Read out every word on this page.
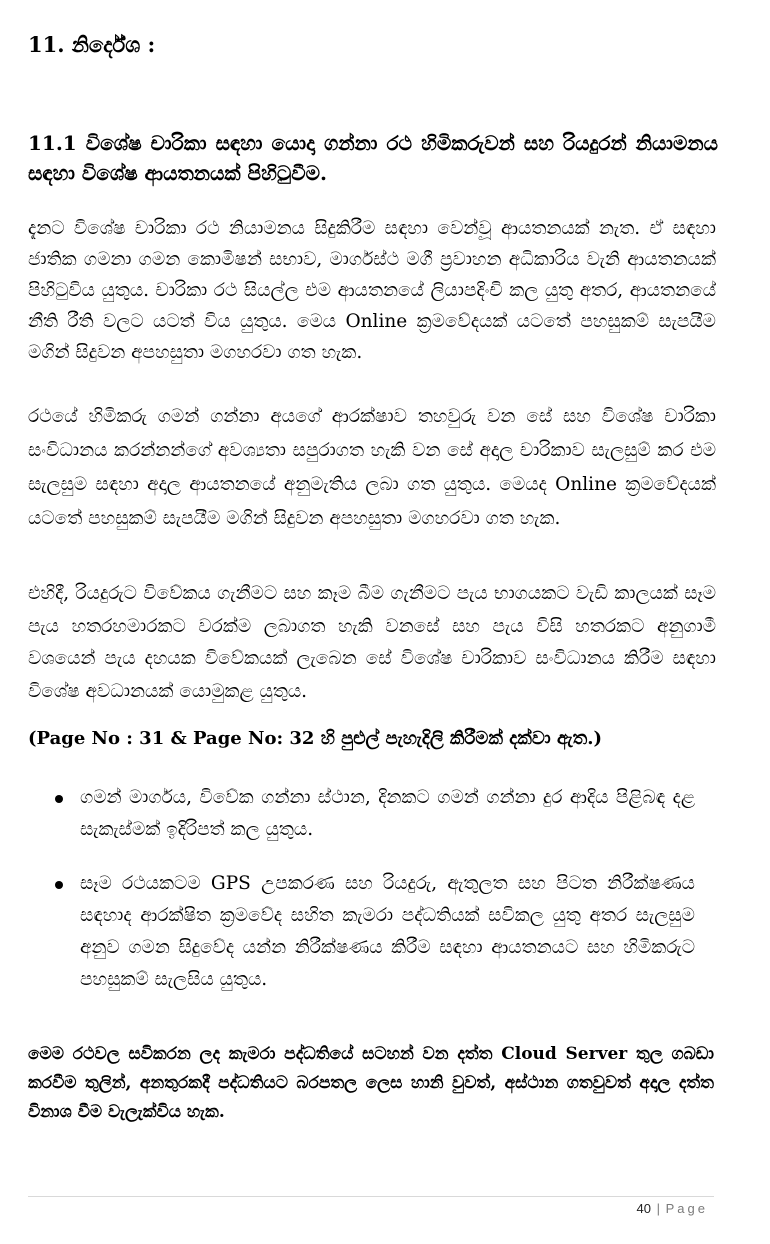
11. නිර්දේශ :
11.1 විශේෂ චාරිකා සඳහා යොදා ගන්නා රථ හිමිකරුවන් සහ රියදුරන් නියාමනය සඳහා විශේෂ ආයතනයක් පිහිටුවීම.

දැනට විශේෂ චාරිකා රථ නියාමනය සිදුකිරීම සඳහා වෙන්වූ ආයතනයක් නැත. ඒ සඳහා ජාතික ගමනා ගමන කොමිෂන් සභාව, මාර්ගස්ථ මගී ප්‍රවාහන අධිකාරිය වැනි ආයතනයක් පිහිටුවිය යුතුය. චාරිකා රථ සියල්ල එම ආයතනයේ ලියාපදිංචි කල යුතු අතර, ආයතනයේ නීති රීති වලට යටත් විය යුතුය. මෙය Online ක්‍රමවේදයක් යටතේ පහසුකම් සැපයීම මගින් සිදුවන අපහසුතා මගහරවා ගත හැක.

රථයේ හිමිකරු ගමන් ගන්නා අයගේ ආරක්ෂාව තහවුරු වන සේ සහ විශේෂ චාරිකා සංවිධානය කරන්නන්ගේ අවශ්‍යතා සපුරාගත හැකි වන සේ අදාල චාරිකාව සැලසුම් කර එම සැලසුම සඳහා අදාල ආයතනයේ අනුමැතිය ලබා ගත යුතුය. මෙයද Online ක්‍රමවේදයක් යටතේ පහසුකම් සැපයීම මගින් සිදුවන අපහසුතා මගහරවා ගත හැක.

එහිදී, රියදුරුට විවේකය ගැනීමට සහ කෑම බීම ගැනීමට පැය භාගයකට වැඩි කාලයක් සෑම පැය හතරහමාරකට වරක්ම ලබාගත හැකි වනසේ සහ පැය විසි හතරකට අනුගාමී වශයෙන් පැය දහයක විවේකයක් ලැබෙන සේ විශේෂ චාරිකාව සංවිධානය කිරීම සඳහා විශේෂ අවධානයක් යොමුකළ යුතුය.

(Page No : 31 & Page No: 32 හි පුළුල් පැහැදිලි කිරීමක් දක්වා ඇත.)

ගමන් මාර්ගය, විවේක ගන්නා ස්ථාන, දිනකට ගමන් ගන්නා දුර ආදිය පිළිබඳ දළ සැකැස්මක් ඉදිරිපත් කල යුතුය.
සෑම රථයකටම GPS උපකරණ සහ රියදුරු, ඇතුලත සහ පිටත නිරීක්ෂණය සඳහාද ආරක්ෂිත ක්‍රමවේද සහිත කැමරා පද්ධතියක් සවිකල යුතු අතර සැලසුම අනුව ගමන සිදුවේද යන්න නිරීක්ෂණය කිරීම සඳහා ආයතනයට සහ හිමිකරුට පහසුකම් සැලසිය යුතුය.

මෙම රථවල සවිකරන ලද කැමරා පද්ධතියේ සටහන් වන දත්ත Cloud Server තුල ගබඩා කරවීම තුලින්, අනතුරකදී පද්ධතියට බරපතල ලෙස හානි වුවත්, අස්ථාන ගතවුවත් අදාල දත්ත විනාශ වීම වැලැක්විය හැක.

40 | Page
